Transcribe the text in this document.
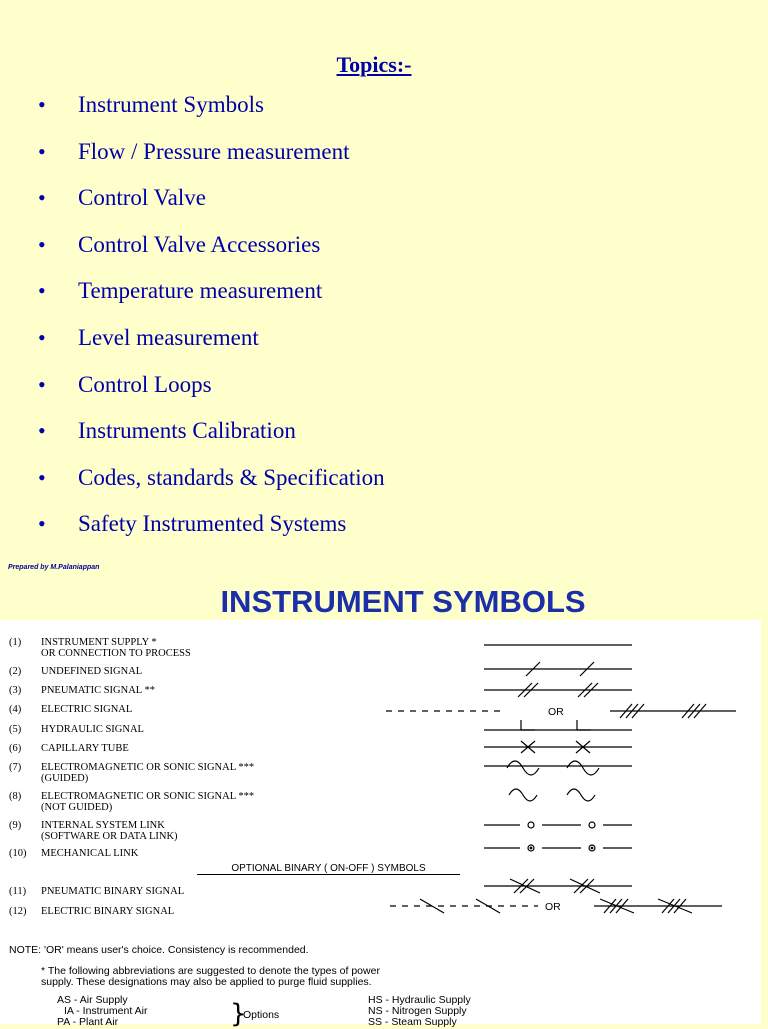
Topics:-
•	Instrument Symbols
•	Flow / Pressure measurement
•	Control Valve
•	Control Valve Accessories
•	Temperature measurement
•	Level measurement
•	Control Loops
•	Instruments Calibration
•	Codes, standards & Specification
•	Safety Instrumented Systems
Prepared by M.Palaniappan
INSTRUMENT SYMBOLS
(1)	INSTRUMENT SUPPLY *
OR CONNECTION TO PROCESS
(2)	UNDEFINED SIGNAL
(3)	PNEUMATIC SIGNAL **
(4)	ELECTRIC SIGNAL
(5)	HYDRAULIC SIGNAL
(6)	CAPILLARY TUBE
(7)	ELECTROMAGNETIC OR SONIC SIGNAL ***
(GUIDED)
(8)	ELECTROMAGNETIC OR SONIC SIGNAL ***
(NOT GUIDED)
(9)	INTERNAL SYSTEM LINK
(SOFTWARE OR DATA LINK)
(10)	MECHANICAL LINK
OPTIONAL BINARY ( ON-OFF ) SYMBOLS
(11)	PNEUMATIC BINARY SIGNAL
(12)	ELECTRIC BINARY SIGNAL
OR
OR
NOTE: 'OR' means user's choice. Consistency is recommended.
* The following abbreviations are suggested to denote the types of power
supply. These designations may also be applied to purge fluid supplies.
AS - Air Supply
IA - Instrument Air
PA - Plant Air	}
Options
HS - Hydraulic Supply
NS - Nitrogen Supply
SS - Steam Supply
